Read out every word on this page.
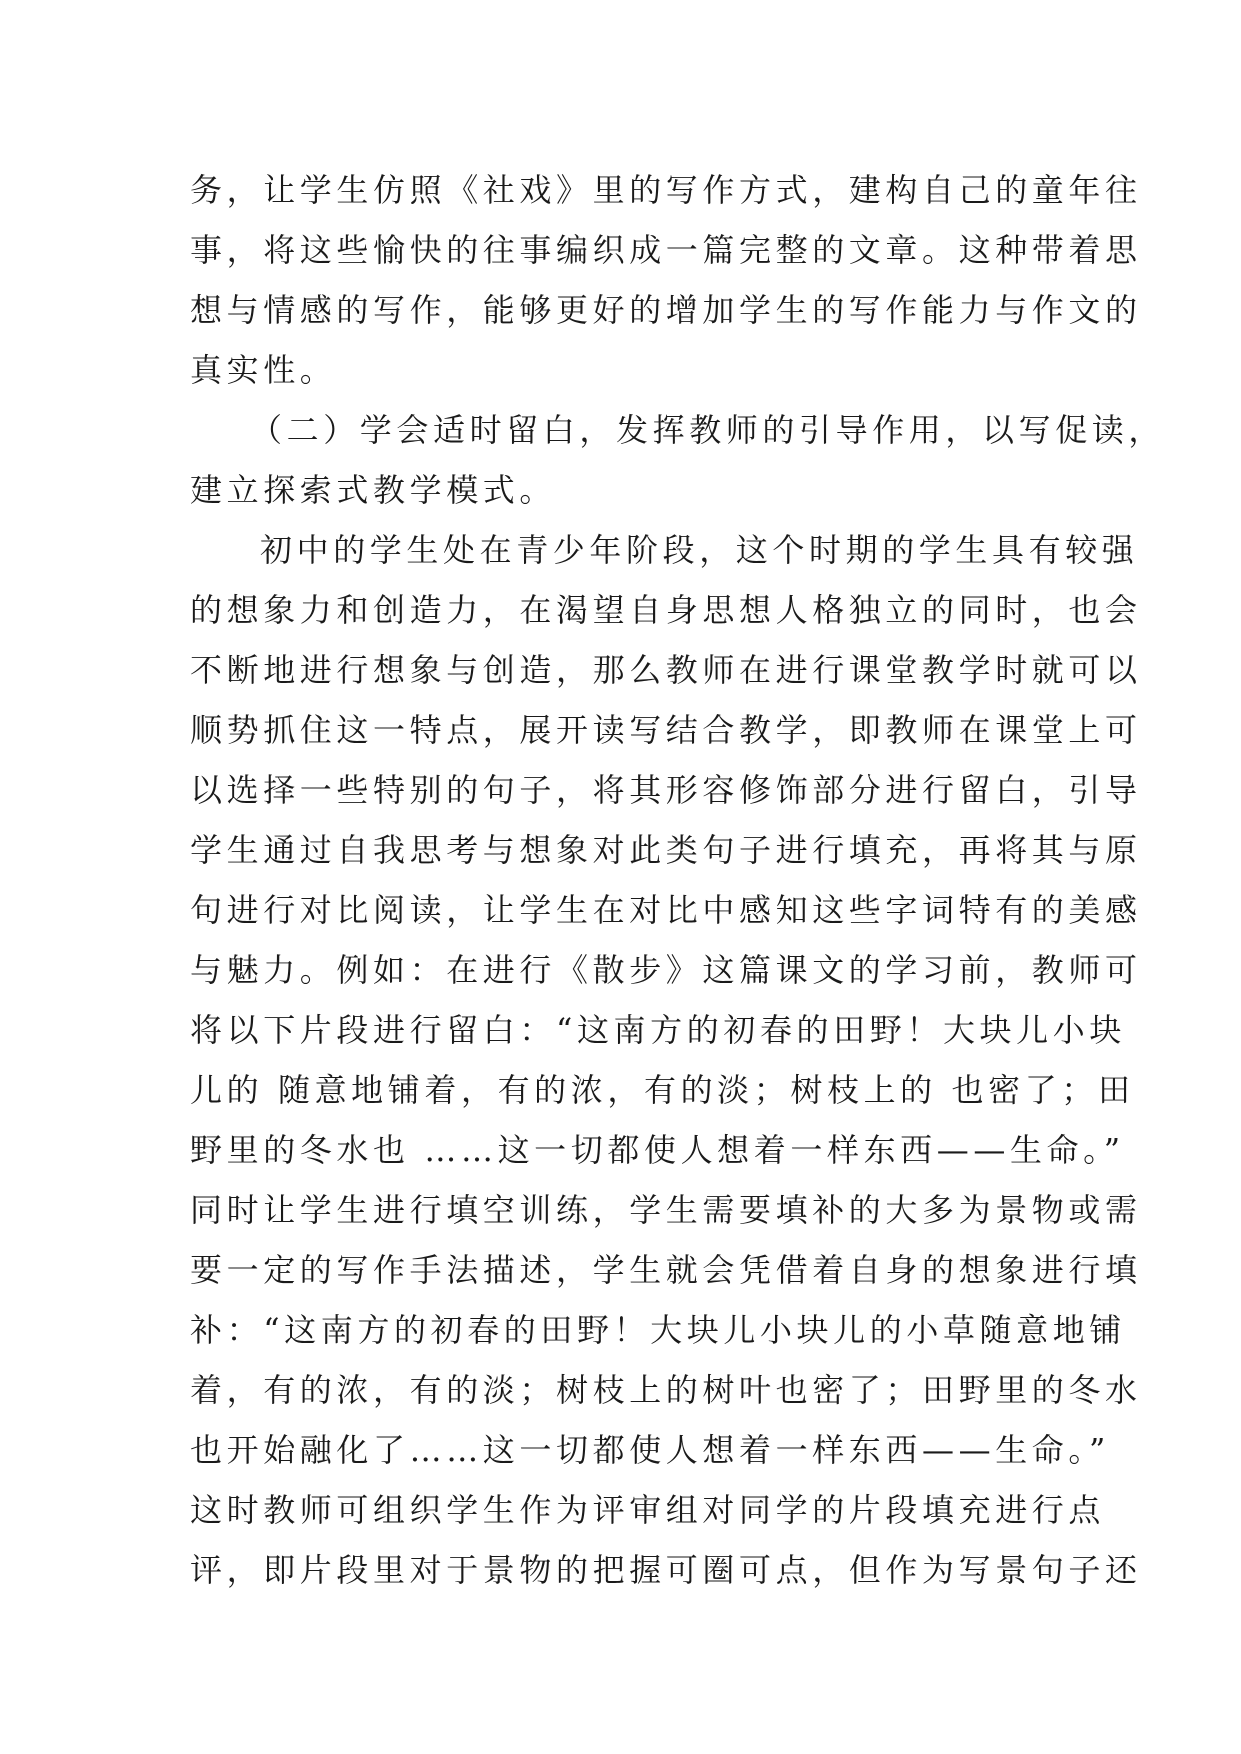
务，让学生仿照《社戏》里的写作方式，建构自己的童年往
事，将这些愉快的往事编织成一篇完整的文章。这种带着思
想与情感的写作，能够更好的增加学生的写作能力与作文的
真实性。
（二）学会适时留白，发挥教师的引导作用，以写促读，
建立探索式教学模式。
初中的学生处在青少年阶段，这个时期的学生具有较强
的想象力和创造力，在渴望自身思想人格独立的同时，也会
不断地进行想象与创造，那么教师在进行课堂教学时就可以
顺势抓住这一特点，展开读写结合教学，即教师在课堂上可
以选择一些特别的句子，将其形容修饰部分进行留白，引导
学生通过自我思考与想象对此类句子进行填充，再将其与原
句进行对比阅读，让学生在对比中感知这些字词特有的美感
与魅力。例如：在进行《散步》这篇课文的学习前，教师可
将以下片段进行留白：“这南方的初春的田野！大块儿小块
儿的 随意地铺着，有的浓，有的淡；树枝上的 也密了；田
野里的冬水也 ……这一切都使人想着一样东西——生命。”
同时让学生进行填空训练，学生需要填补的大多为景物或需
要一定的写作手法描述，学生就会凭借着自身的想象进行填
补：“这南方的初春的田野！大块儿小块儿的小草随意地铺
着，有的浓，有的淡；树枝上的树叶也密了；田野里的冬水
也开始融化了……这一切都使人想着一样东西——生命。”
这时教师可组织学生作为评审组对同学的片段填充进行点
评，即片段里对于景物的把握可圈可点，但作为写景句子还
